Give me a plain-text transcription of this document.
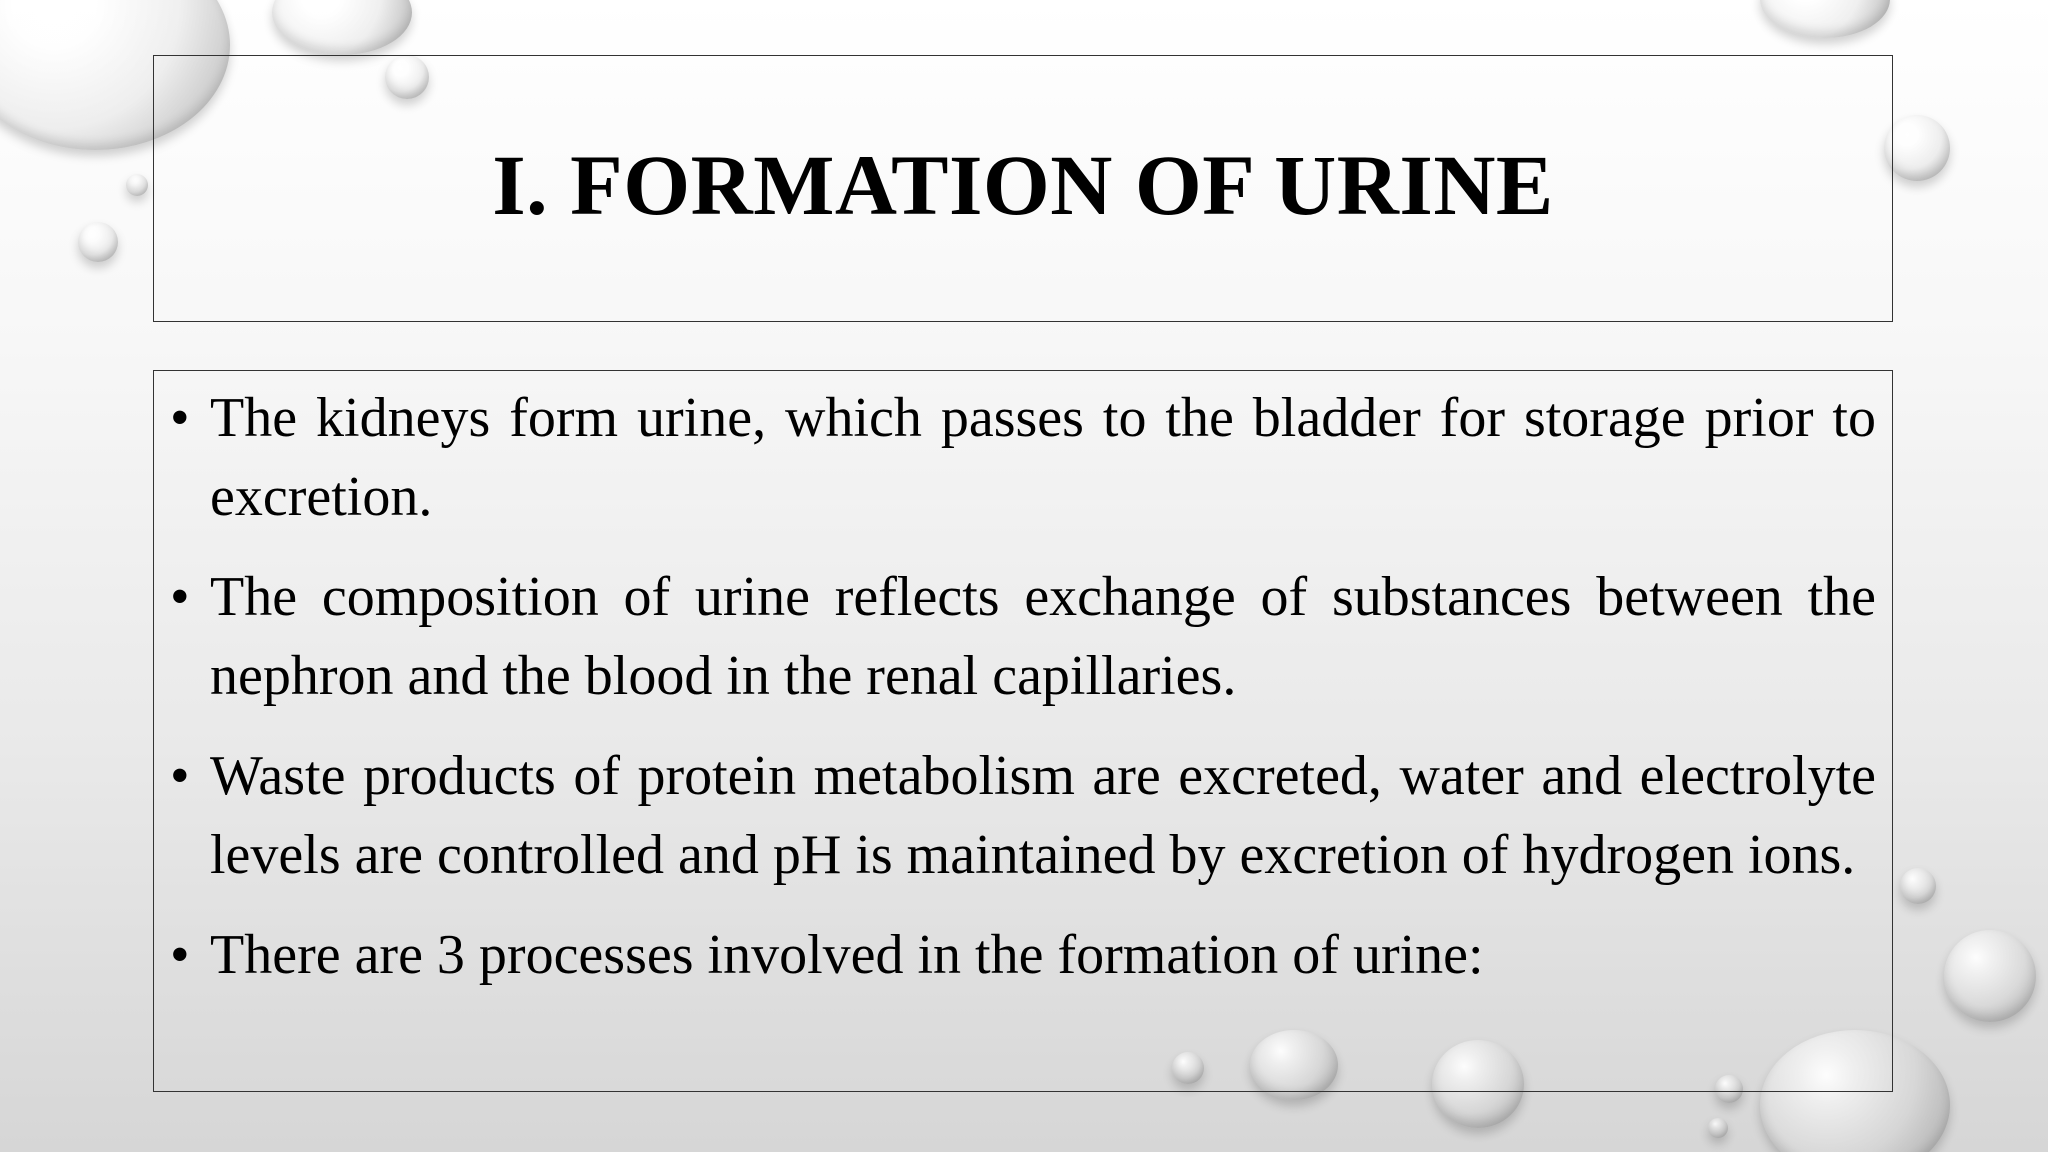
I. FORMATION OF URINE
• The kidneys form urine, which passes to the bladder for storage prior to excretion.
• The composition of urine reflects exchange of substances between the nephron and the blood in the renal capillaries.
• Waste products of protein metabolism are excreted, water and electrolyte levels are controlled and pH is maintained by excretion of hydrogen ions.
• There are 3 processes involved in the formation of urine:
